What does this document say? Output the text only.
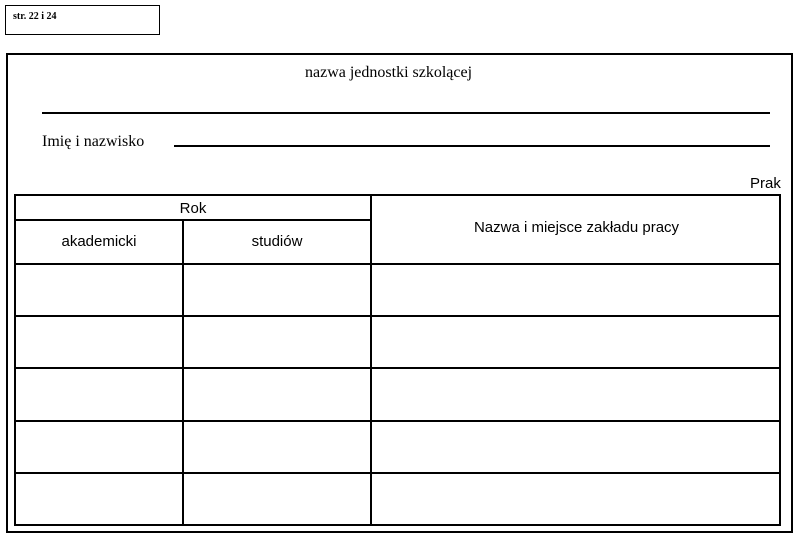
str. 22 i 24
nazwa jednostki szkolącej
Imię i nazwisko
Prak
Rok
akademicki	studiów
Nazwa i miejsce zakładu pracy
